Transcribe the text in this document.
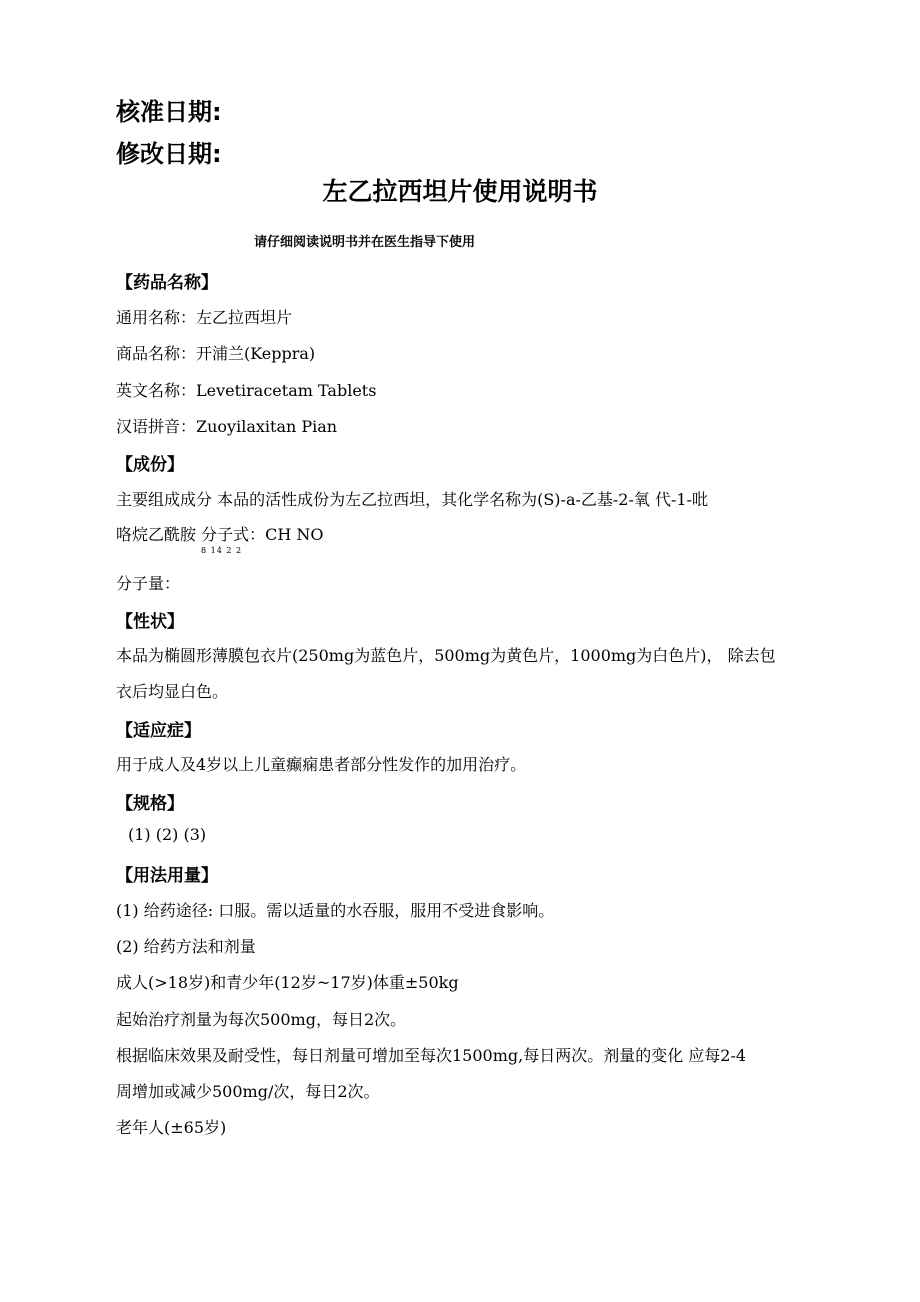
核准日期:
修改日期:
左乙拉西坦片使用说明书
请仔细阅读说明书并在医生指导下使用
【药品名称】
通用名称：左乙拉西坦片
商品名称：开浦兰(Keppra)
英文名称：Levetiracetam Tablets
汉语拼音：Zuoyilaxitan Pian
【成份】
主要组成成分 本品的活性成份为左乙拉西坦，其化学名称为(S)-a-乙基-2-氧 代-1-吡
咯烷乙酰胺 分子式：CH NO
8 14 2 2
分子量：
【性状】
本品为椭圆形薄膜包衣片(250mg为蓝色片，500mg为黄色片，1000mg为白色片)， 除去包
衣后均显白色。
【适应症】
用于成人及4岁以上儿童癫痫患者部分性发作的加用治疗。
【规格】
(1) (2) (3)
【用法用量】
(1) 给药途径: 口服。需以适量的水吞服，服用不受进食影响。
(2) 给药方法和剂量
成人(>18岁)和青少年(12岁~17岁)体重±50kg
起始治疗剂量为每次500mg，每日2次。
根据临床效果及耐受性，每日剂量可增加至每次1500mg,每日两次。剂量的变化 应每2-4
周增加或减少500mg/次，每日2次。
老年人(±65岁)
